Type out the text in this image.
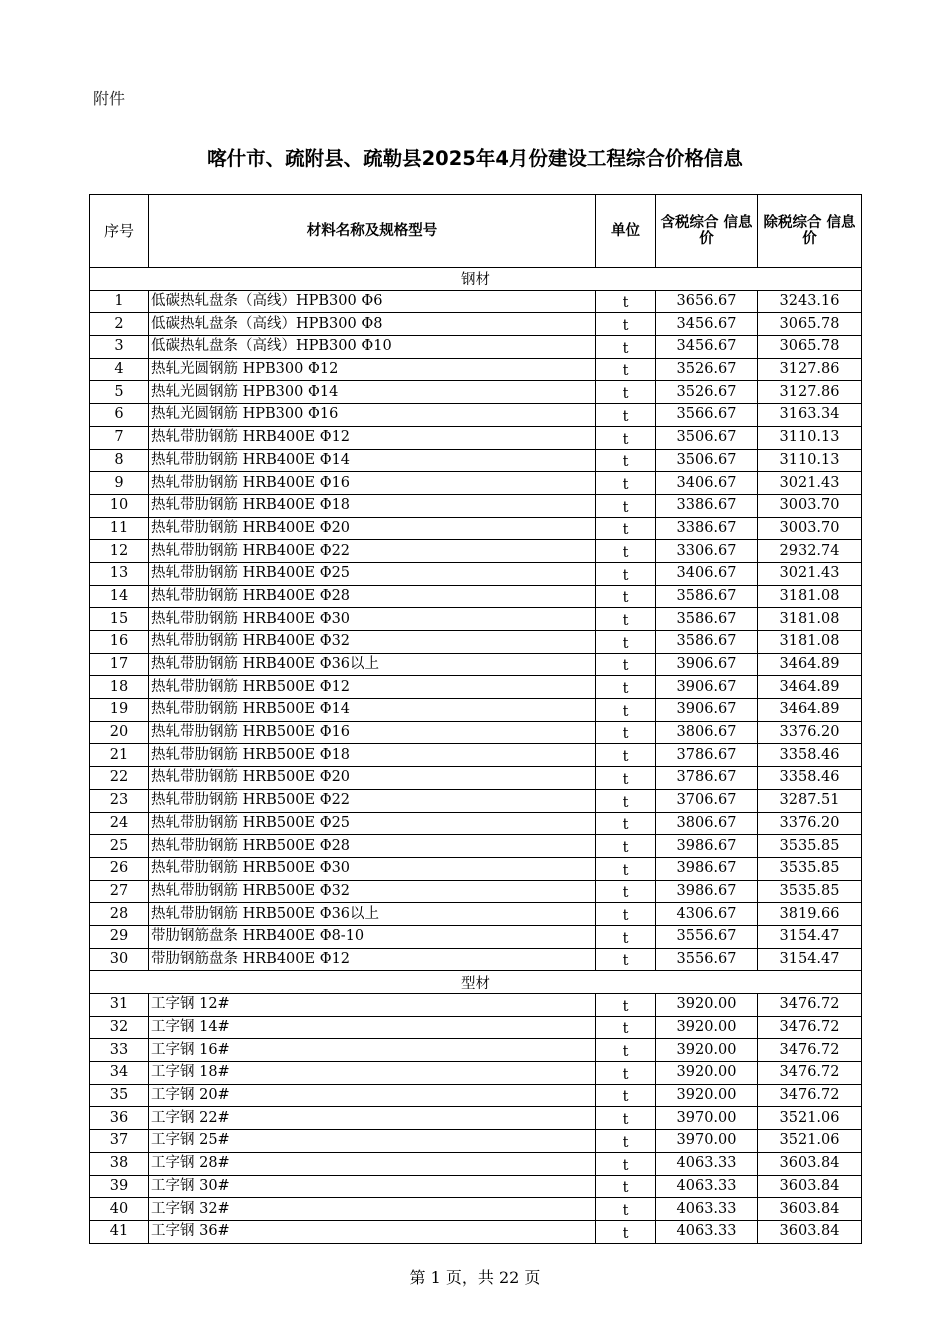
附件
喀什市、疏附县、疏勒县2025年4月份建设工程综合价格信息
序号	材料名称及规格型号	单位	含税综合 信息价	除税综合 信息价
钢材				
1	低碳热轧盘条（高线）HPB300 Φ6	t	3656.67	3243.16
2	低碳热轧盘条（高线）HPB300 Φ8	t	3456.67	3065.78
3	低碳热轧盘条（高线）HPB300 Φ10	t	3456.67	3065.78
4	热轧光圆钢筋 HPB300 Φ12	t	3526.67	3127.86
5	热轧光圆钢筋 HPB300 Φ14	t	3526.67	3127.86
6	热轧光圆钢筋 HPB300 Φ16	t	3566.67	3163.34
7	热轧带肋钢筋 HRB400E Φ12	t	3506.67	3110.13
8	热轧带肋钢筋 HRB400E Φ14	t	3506.67	3110.13
9	热轧带肋钢筋 HRB400E Φ16	t	3406.67	3021.43
10	热轧带肋钢筋 HRB400E Φ18	t	3386.67	3003.70
11	热轧带肋钢筋 HRB400E Φ20	t	3386.67	3003.70
12	热轧带肋钢筋 HRB400E Φ22	t	3306.67	2932.74
13	热轧带肋钢筋 HRB400E Φ25	t	3406.67	3021.43
14	热轧带肋钢筋 HRB400E Φ28	t	3586.67	3181.08
15	热轧带肋钢筋 HRB400E Φ30	t	3586.67	3181.08
16	热轧带肋钢筋 HRB400E Φ32	t	3586.67	3181.08
17	热轧带肋钢筋 HRB400E Φ36以上	t	3906.67	3464.89
18	热轧带肋钢筋 HRB500E Φ12	t	3906.67	3464.89
19	热轧带肋钢筋 HRB500E Φ14	t	3906.67	3464.89
20	热轧带肋钢筋 HRB500E Φ16	t	3806.67	3376.20
21	热轧带肋钢筋 HRB500E Φ18	t	3786.67	3358.46
22	热轧带肋钢筋 HRB500E Φ20	t	3786.67	3358.46
23	热轧带肋钢筋 HRB500E Φ22	t	3706.67	3287.51
24	热轧带肋钢筋 HRB500E Φ25	t	3806.67	3376.20
25	热轧带肋钢筋 HRB500E Φ28	t	3986.67	3535.85
26	热轧带肋钢筋 HRB500E Φ30	t	3986.67	3535.85
27	热轧带肋钢筋 HRB500E Φ32	t	3986.67	3535.85
28	热轧带肋钢筋 HRB500E Φ36以上	t	4306.67	3819.66
29	带肋钢筋盘条 HRB400E Φ8-10	t	3556.67	3154.47
30	带肋钢筋盘条 HRB400E Φ12	t	3556.67	3154.47
型材				
31	工字钢 12#	t	3920.00	3476.72
32	工字钢 14#	t	3920.00	3476.72
33	工字钢 16#	t	3920.00	3476.72
34	工字钢 18#	t	3920.00	3476.72
35	工字钢 20#	t	3920.00	3476.72
36	工字钢 22#	t	3970.00	3521.06
37	工字钢 25#	t	3970.00	3521.06
38	工字钢 28#	t	4063.33	3603.84
39	工字钢 30#	t	4063.33	3603.84
40	工字钢 32#	t	4063.33	3603.84
41	工字钢 36#	t	4063.33	3603.84
第 1 页，共 22 页
